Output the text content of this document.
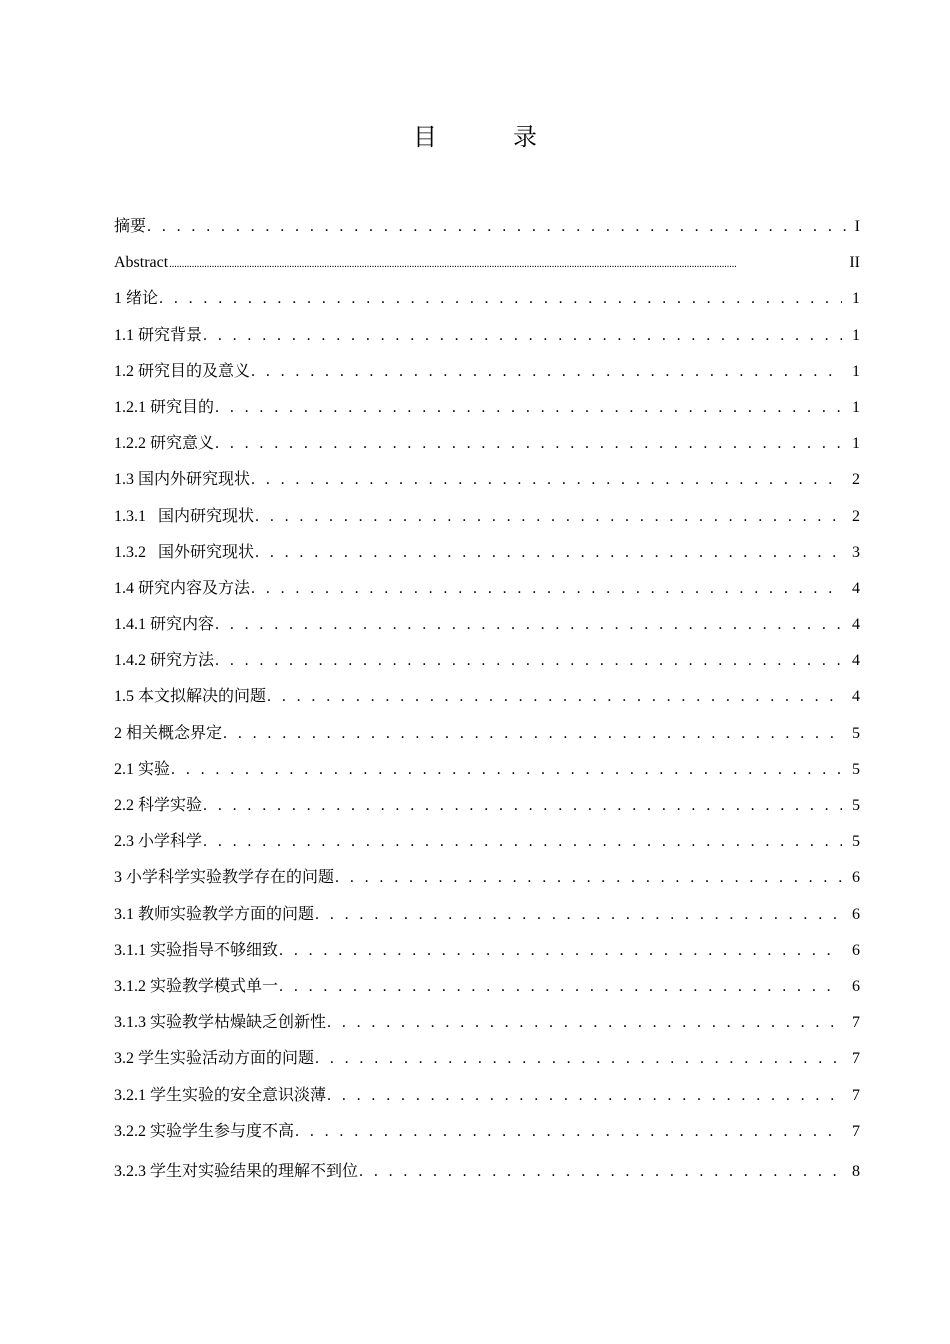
目　录
摘要 . . .	I
Abstract .....	II
1 绪论 . . .	1
1.1 研究背景 . . .	1
1.2 研究目的及意义 . . .	1
1.2.1 研究目的 . . .	1
1.2.2 研究意义 . . .	1
1.3 国内外研究现状 . . .	2
1.3.1   国内研究现状 . . .	2
1.3.2   国外研究现状 . . .	3
1.4 研究内容及方法 . . .	4
1.4.1 研究内容 . . .	4
1.4.2 研究方法 . . .	4
1.5 本文拟解决的问题 . . .	4
2 相关概念界定 . . .	5
2.1 实验 . . .	5
2.2 科学实验 . . .	5
2.3 小学科学 . . .	5
3 小学科学实验教学存在的问题 . . .	6
3.1 教师实验教学方面的问题 . . .	6
3.1.1 实验指导不够细致 . . .	6
3.1.2 实验教学模式单一 . . .	6
3.1.3 实验教学枯燥缺乏创新性 . . .	7
3.2 学生实验活动方面的问题 . . .	7
3.2.1 学生实验的安全意识淡薄 . . .	7
3.2.2 实验学生参与度不高 . . .	7
3.2.3 学生对实验结果的理解不到位 . . .	8
